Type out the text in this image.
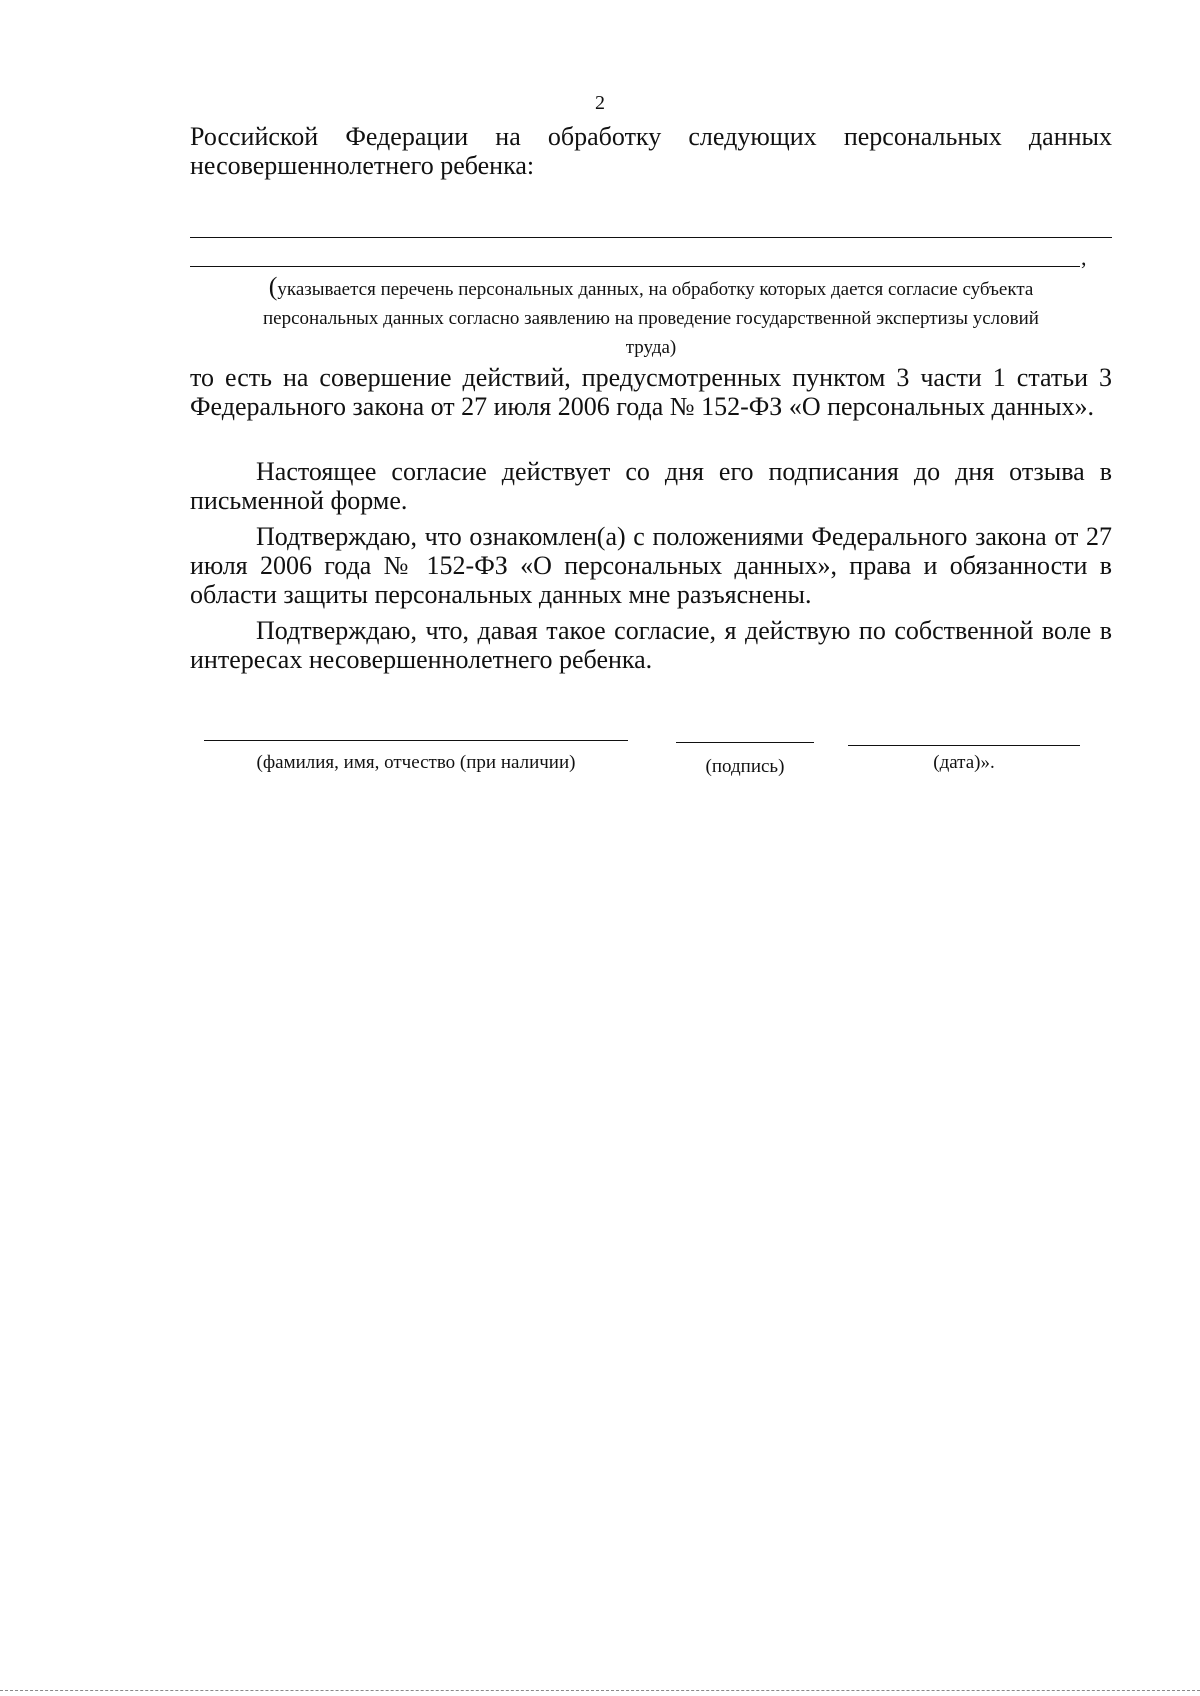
2

Российской Федерации на обработку следующих персональных данных несовершеннолетнего ребенка:

,
(указывается перечень персональных данных, на обработку которых дается согласие субъекта
персональных данных согласно заявлению на проведение государственной экспертизы условий
труда)

то есть на совершение действий, предусмотренных пунктом 3 части 1 статьи 3 Федерального закона от 27 июля 2006 года № 152-ФЗ «О персональных данных».

Настоящее согласие действует со дня его подписания до дня отзыва в письменной форме.

Подтверждаю, что ознакомлен(а) с положениями Федерального закона от 27 июля 2006 года № 152-ФЗ «О персональных данных», права и обязанности в области защиты персональных данных мне разъяснены.

Подтверждаю, что, давая такое согласие, я действую по собственной воле в интересах несовершеннолетнего ребенка.

(фамилия, имя, отчество (при наличии)	(подпись)	(дата)».
